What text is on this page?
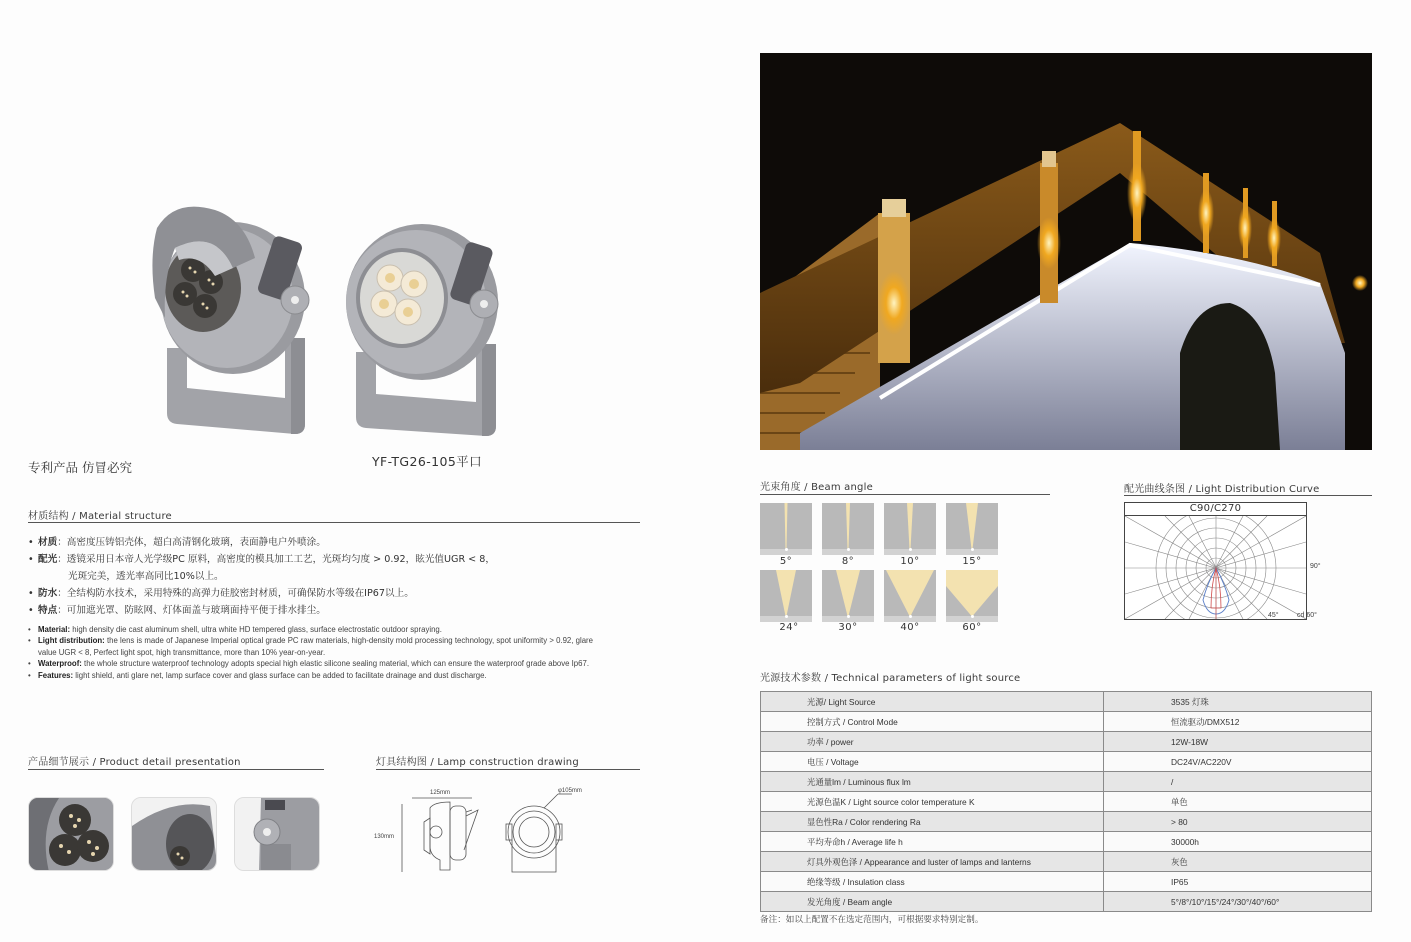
专利产品 仿冒必究	YF-TG26-105平口
材质结构 / Material structure
• 材质：高密度压铸铝壳体，超白高清钢化玻璃，表面静电户外喷涂。
• 配光：透镜采用日本帝人光学级PC 原料，高密度的模具加工工艺，光斑均匀度 > 0.92，眩光值UGR < 8，
光斑完美，透光率高同比10%以上。
• 防水：全结构防水技术，采用特殊的高弹力硅胶密封材质，可确保防水等级在IP67以上。
• 特点：可加遮光罩、防眩网、灯体面盖与玻璃面持平便于排水排尘。
• Material: high density die cast aluminum shell, ultra white HD tempered glass, surface electrostatic outdoor spraying.
• Light distribution: the lens is made of Japanese Imperial optical grade PC raw materials, high-density mold processing technology, spot uniformity > 0.92, glare value UGR < 8, Perfect light spot, high transmittance, more than 10% year-on-year.
• Waterproof: the whole structure waterproof technology adopts special high elastic silicone sealing material, which can ensure the waterproof grade above Ip67.
• Features: light shield, anti glare net, lamp surface cover and glass surface can be added to facilitate drainage and dust discharge.
产品细节展示 / Product detail presentation	灯具结构图 / Lamp construction drawing
125mm
130mm
φ105mm
光束角度 / Beam angle
5°	8°	10°	15°
24°	30°	40°	60°
配光曲线条图 / Light Distribution Curve
C90/C270
90°
45°	cd 60°
光源技术参数 / Technical parameters of light source
光源/ Light Source	3535 灯珠
控制方式 / Control Mode	恒流驱动/DMX512
功率 / power	12W-18W
电压 / Voltage	DC24V/AC220V
光通量lm / Luminous flux lm	/
光源色温K / Light source color temperature K	单色
显色性Ra / Color rendering Ra	> 80
平均寿命h / Average life h	30000h
灯具外观色泽 / Appearance and luster of lamps and lanterns	灰色
绝缘等级 / Insulation class	IP65
发光角度 / Beam angle	5°/8°/10°/15°/24°/30°/40°/60°
备注：如以上配置不在选定范围内，可根据要求特别定制。
